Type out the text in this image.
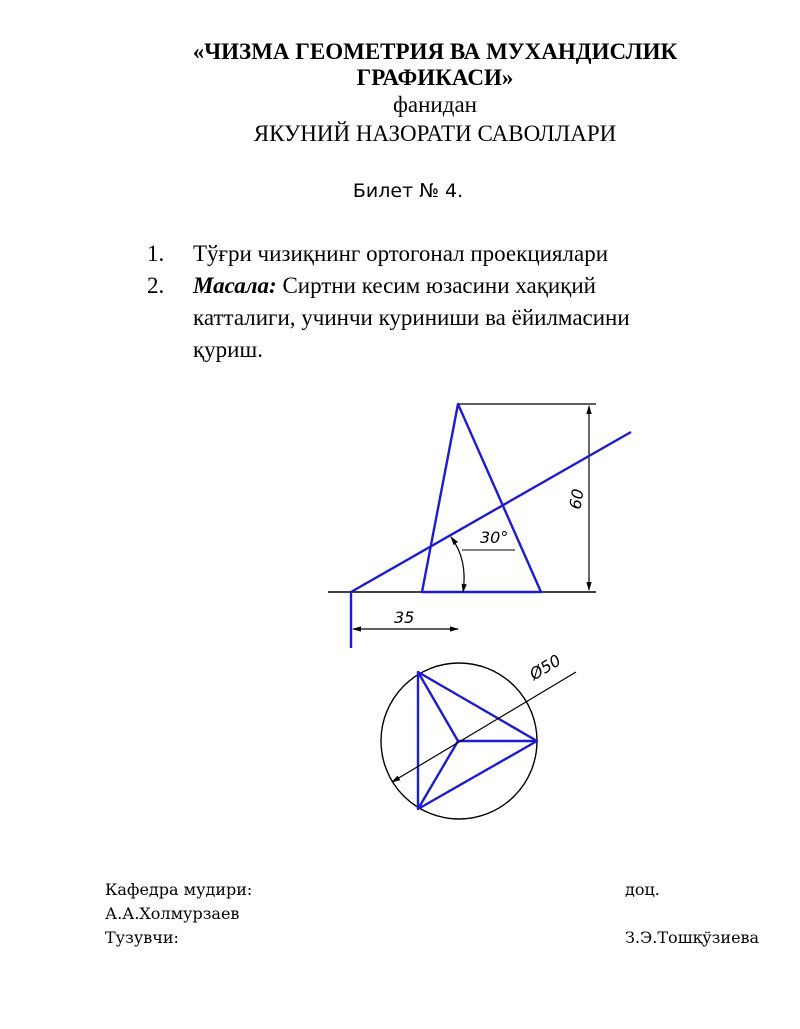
«ЧИЗМА ГЕОМЕТРИЯ ВА МУХАНДИСЛИК
ГРАФИКАСИ»
фанидан
ЯКУНИЙ НАЗОРАТИ САВОЛЛАРИ
Билет № 4.
1. Тўғри чизиқнинг ортогонал проекциялари
2. Масала: Сиртни кесим юзасини хақиқий
катталиги, учинчи куриниши ва ёйилмасини
қуриш.
60
30°
35
Ø50
Кафедра мудири:	доц.
А.А.Холмурзаев
Тузувчи:	З.Э.Тошқўзиева
